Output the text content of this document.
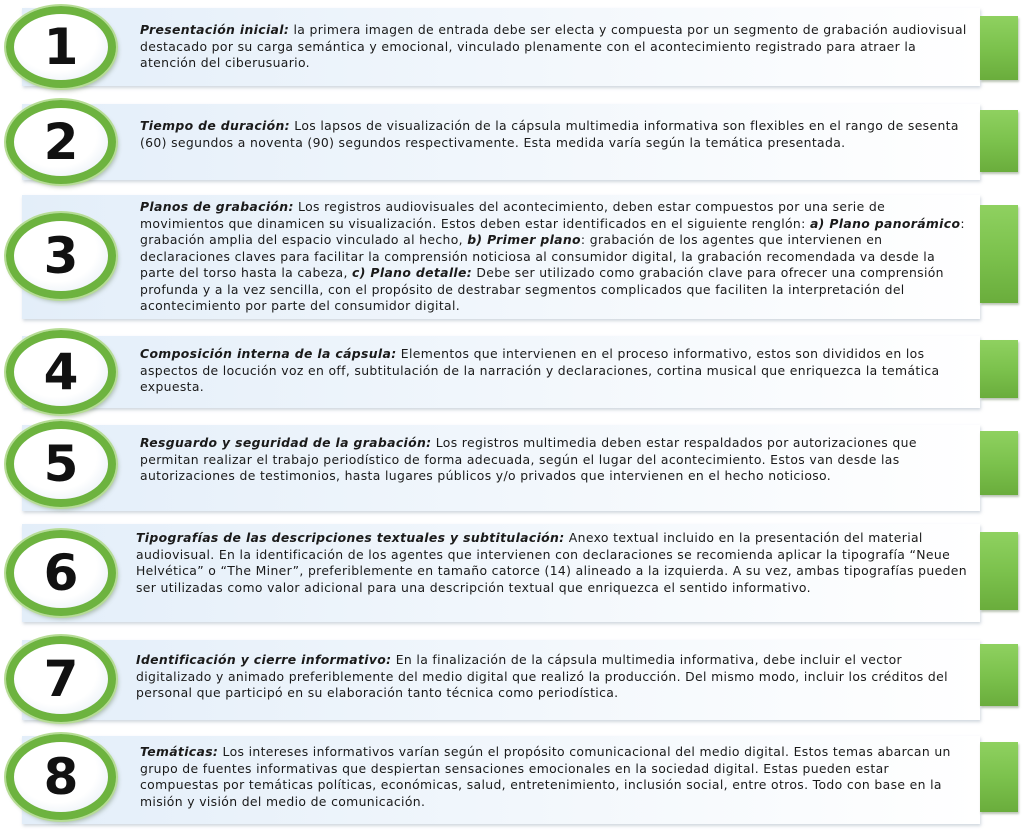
1	Presentación inicial: la primera imagen de entrada debe ser electa y compuesta por un segmento de grabación audiovisual destacado por su carga semántica y emocional, vinculado plenamente con el acontecimiento registrado para atraer la atención del ciberusuario.
2	Tiempo de duración: Los lapsos de visualización de la cápsula multimedia informativa son flexibles en el rango de sesenta (60) segundos a noventa (90) segundos respectivamente. Esta medida varía según la temática presentada.
3
Planos de grabación: Los registros audiovisuales del acontecimiento, deben estar compuestos por una serie de movimientos que dinamicen su visualización. Estos deben estar identificados en el siguiente renglón: a) Plano panorámico: grabación amplia del espacio vinculado al hecho, b) Primer plano: grabación de los agentes que intervienen en declaraciones claves para facilitar la comprensión noticiosa al consumidor digital, la grabación recomendada va desde la parte del torso hasta la cabeza, c) Plano detalle: Debe ser utilizado como grabación clave para ofrecer una comprensión profunda y a la vez sencilla, con el propósito de destrabar segmentos complicados que faciliten la interpretación del acontecimiento por parte del consumidor digital.
4	Composición interna de la cápsula: Elementos que intervienen en el proceso informativo, estos son divididos en los aspectos de locución voz en off, subtitulación de la narración y declaraciones, cortina musical que enriquezca la temática expuesta.
5	Resguardo y seguridad de la grabación: Los registros multimedia deben estar respaldados por autorizaciones que permitan realizar el trabajo periodístico de forma adecuada, según el lugar del acontecimiento. Estos van desde las autorizaciones de testimonios, hasta lugares públicos y/o privados que intervienen en el hecho noticioso.
6
Tipografías de las descripciones textuales y subtitulación: Anexo textual incluido en la presentación del material audiovisual. En la identificación de los agentes que intervienen con declaraciones se recomienda aplicar la tipografía “Neue Helvética” o “The Miner”, preferiblemente en tamaño catorce (14) alineado a la izquierda. A su vez, ambas tipografías pueden ser utilizadas como valor adicional para una descripción textual que enriquezca el sentido informativo.
7	Identificación y cierre informativo: En la finalización de la cápsula multimedia informativa, debe incluir el vector digitalizado y animado preferiblemente del medio digital que realizó la producción. Del mismo modo, incluir los créditos del personal que participó en su elaboración tanto técnica como periodística.
8	Temáticas: Los intereses informativos varían según el propósito comunicacional del medio digital. Estos temas abarcan un grupo de fuentes informativas que despiertan sensaciones emocionales en la sociedad digital. Estas pueden estar compuestas por temáticas políticas, económicas, salud, entretenimiento, inclusión social, entre otros. Todo con base en la misión y visión del medio de comunicación.
